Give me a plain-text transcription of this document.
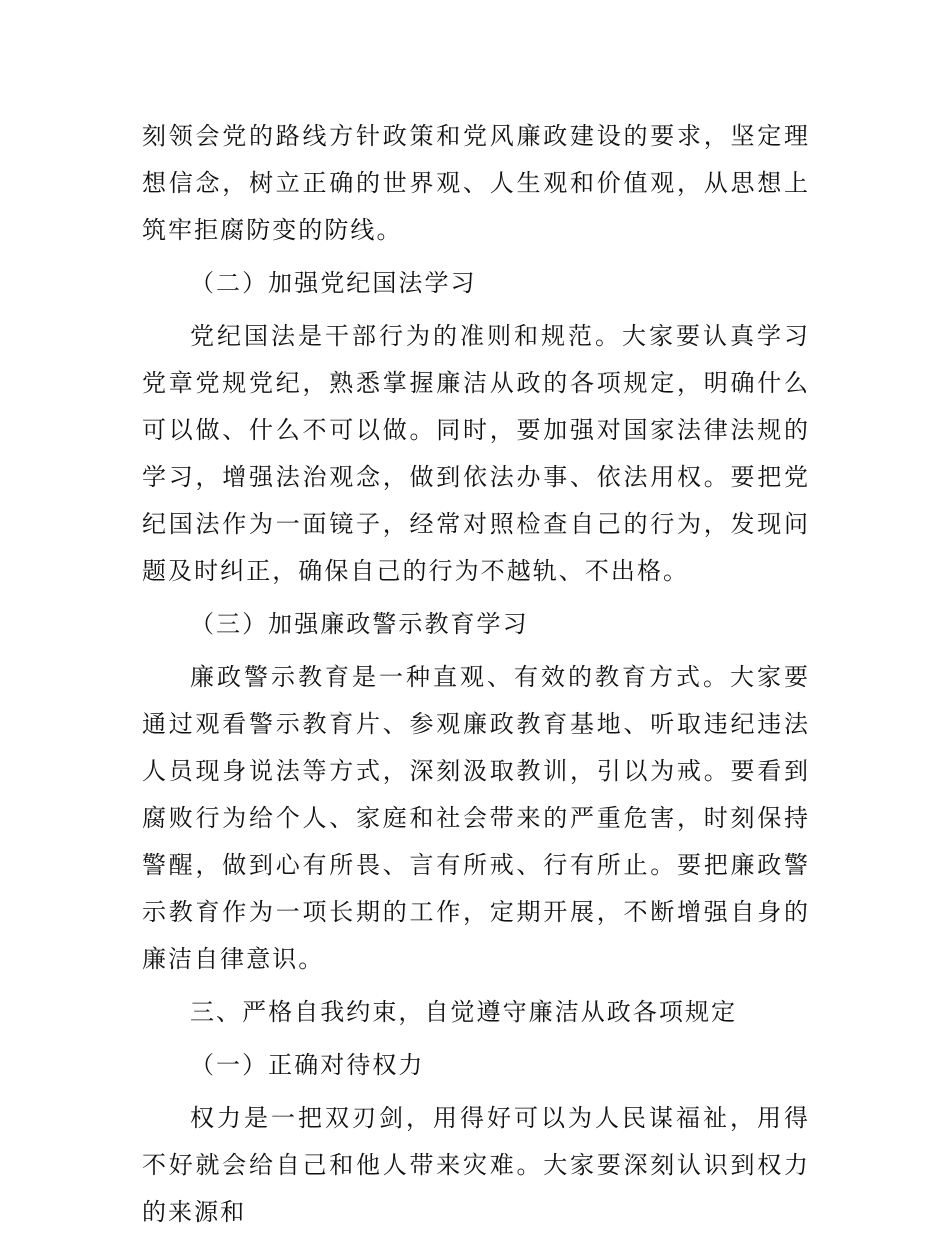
刻领会党的路线方针政策和党风廉政建设的要求，坚定理想信念，树立正确的世界观、人生观和价值观，从思想上筑牢拒腐防变的防线。

（二）加强党纪国法学习

党纪国法是干部行为的准则和规范。大家要认真学习党章党规党纪，熟悉掌握廉洁从政的各项规定，明确什么可以做、什么不可以做。同时，要加强对国家法律法规的学习，增强法治观念，做到依法办事、依法用权。要把党纪国法作为一面镜子，经常对照检查自己的行为，发现问题及时纠正，确保自己的行为不越轨、不出格。

（三）加强廉政警示教育学习

廉政警示教育是一种直观、有效的教育方式。大家要通过观看警示教育片、参观廉政教育基地、听取违纪违法人员现身说法等方式，深刻汲取教训，引以为戒。要看到腐败行为给个人、家庭和社会带来的严重危害，时刻保持警醒，做到心有所畏、言有所戒、行有所止。要把廉政警示教育作为一项长期的工作，定期开展，不断增强自身的廉洁自律意识。

三、严格自我约束，自觉遵守廉洁从政各项规定

（一）正确对待权力

权力是一把双刃剑，用得好可以为人民谋福祉，用得不好就会给自己和他人带来灾难。大家要深刻认识到权力的来源和
